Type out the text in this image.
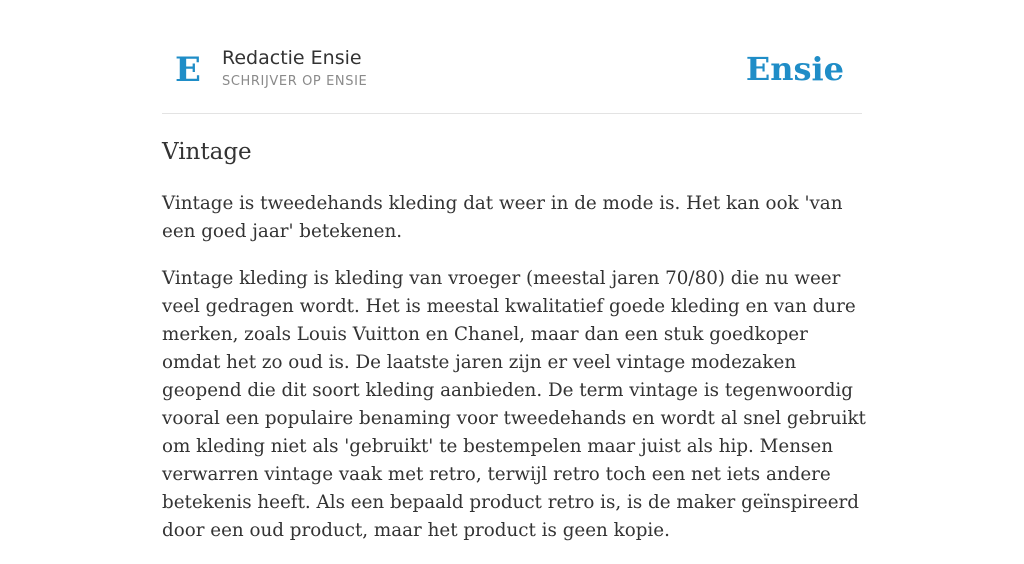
E Redactie Ensie
SCHRIJVER OP ENSIE	Ensie
Vintage

Vintage is tweedehands kleding dat weer in de mode is. Het kan ook 'van een goed jaar' betekenen.

Vintage kleding is kleding van vroeger (meestal jaren 70/80) die nu weer veel gedragen wordt. Het is meestal kwalitatief goede kleding en van dure merken, zoals Louis Vuitton en Chanel, maar dan een stuk goedkoper omdat het zo oud is. De laatste jaren zijn er veel vintage modezaken geopend die dit soort kleding aanbieden. De term vintage is tegenwoordig vooral een populaire benaming voor tweedehands en wordt al snel gebruikt om kleding niet als 'gebruikt' te bestempelen maar juist als hip. Mensen verwarren vintage vaak met retro, terwijl retro toch een net iets andere betekenis heeft. Als een bepaald product retro is, is de maker geïnspireerd door een oud product, maar het product is geen kopie.
